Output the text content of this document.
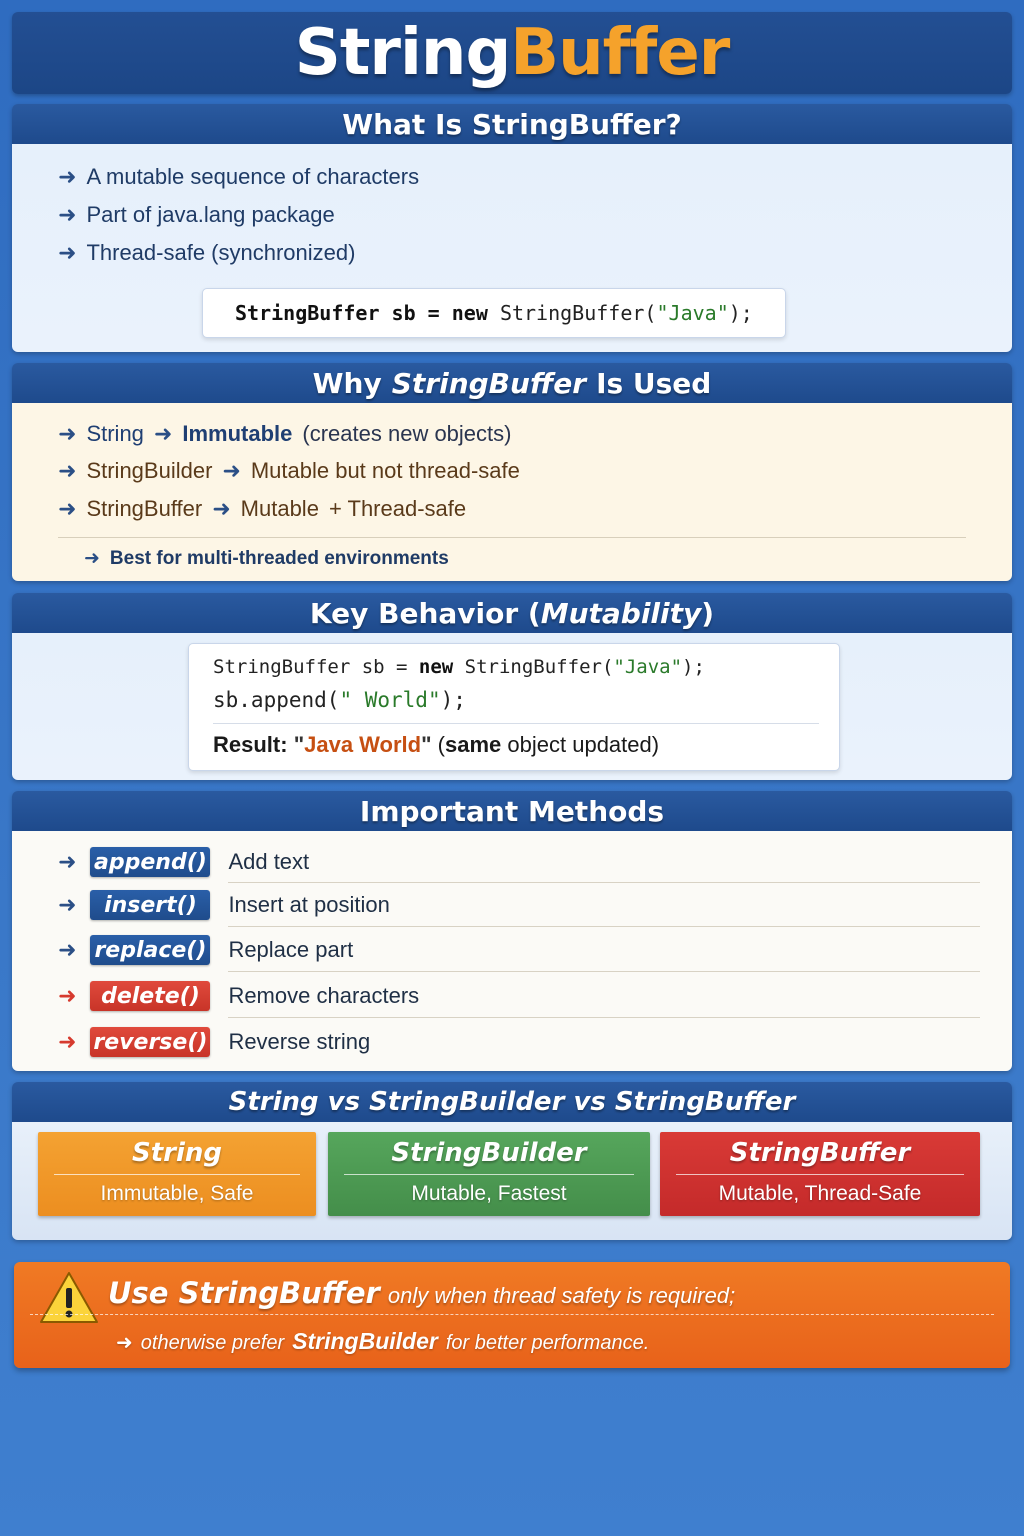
String Buffer
What Is StringBuffer?
➜ A mutable sequence of characters
➜ Part of java.lang package
➜ Thread-safe (synchronized)
StringBuffer
sb =
new
StringBuffer( "Java" );
Why StringBuffer Is Used
➜ String ➜ Immutable (creates new objects)
➜ StringBuilder ➜ Mutable but not thread-safe
➜ StringBuffer ➜ Mutable + Thread-safe
➜ Best for multi-threaded environments
Key Behavior ( Mutability )
StringBuffer sb = new StringBuffer("Java");
sb.append(" World");
Result: "Java World" (same object updated)
Important Methods
➜ append() Add text
➜	insert()	Insert at position
➜ replace() Replace part
➜	delete()	Remove characters
➜ reverse() Reverse string
String vs StringBuilder vs StringBuffer
String
Immutable, Safe
StringBuilder
Mutable, Fastest
StringBuffer
Mutable, Thread-Safe
Use StringBuffer only when thread safety is required;
➜ otherwise prefer StringBuilder for better performance.
